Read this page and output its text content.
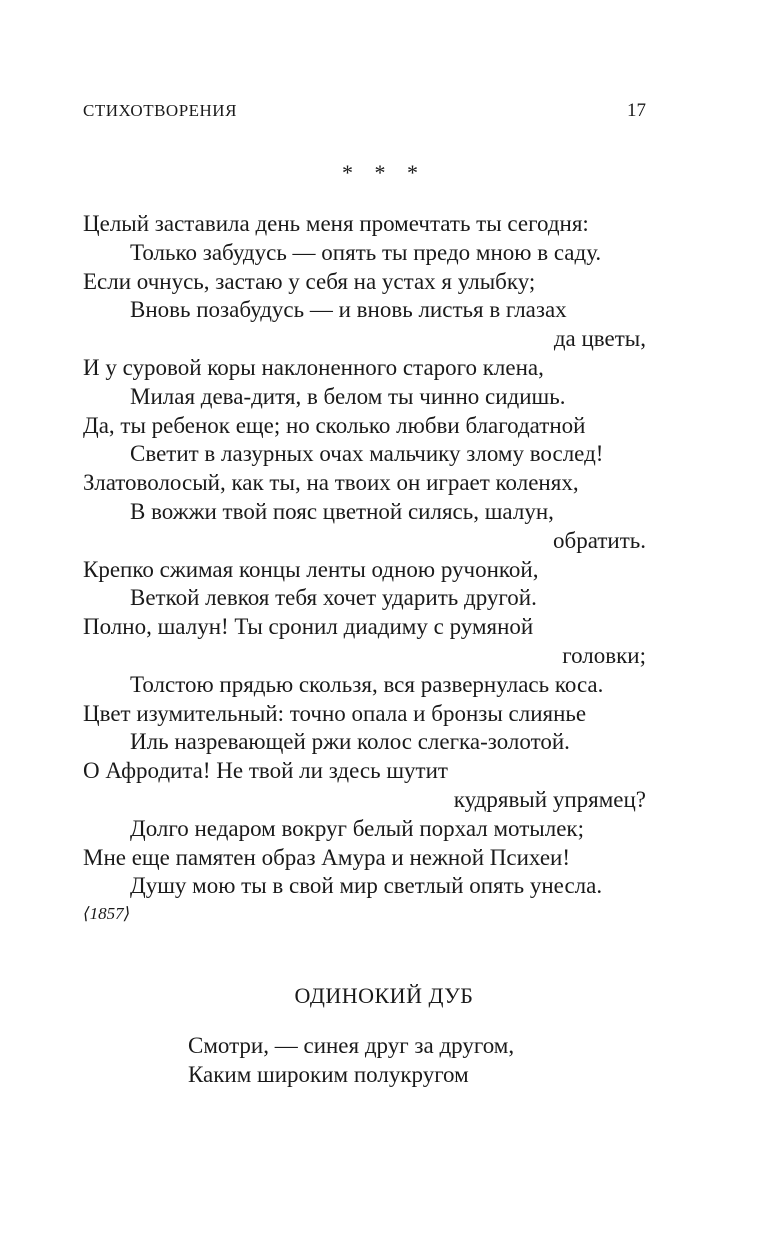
СТИХОТВОРЕНИЯ	17
* * *
Целый заставила день меня промечтать ты сегодня:
Только забудусь — опять ты предо мною в саду.
Если очнусь, застаю у себя на устах я улыбку;
Вновь позабудусь — и вновь листья в глазах
да цветы,
И у суровой коры наклоненного старого клена,
Милая дева-дитя, в белом ты чинно сидишь.
Да, ты ребенок еще; но сколько любви благодатной
Светит в лазурных очах мальчику злому вослед!
Златоволосый, как ты, на твоих он играет коленях,
В вожжи твой пояс цветной силясь, шалун,
обратить.
Крепко сжимая концы ленты одною ручонкой,
Веткой левкоя тебя хочет ударить другой.
Полно, шалун! Ты сронил диадиму с румяной
головки;
Толстою прядью скользя, вся развернулась коса.
Цвет изумительный: точно опала и бронзы слиянье
Иль назревающей ржи колос слегка-золотой.
О Афродита! Не твой ли здесь шутит
кудрявый упрямец?
Долго недаром вокруг белый порхал мотылек;
Мне еще памятен образ Амура и нежной Психеи!
Душу мою ты в свой мир светлый опять унесла.
⟨1857⟩
ОДИНОКИЙ ДУБ
Смотри, — синея друг за другом,
Каким широким полукругом
